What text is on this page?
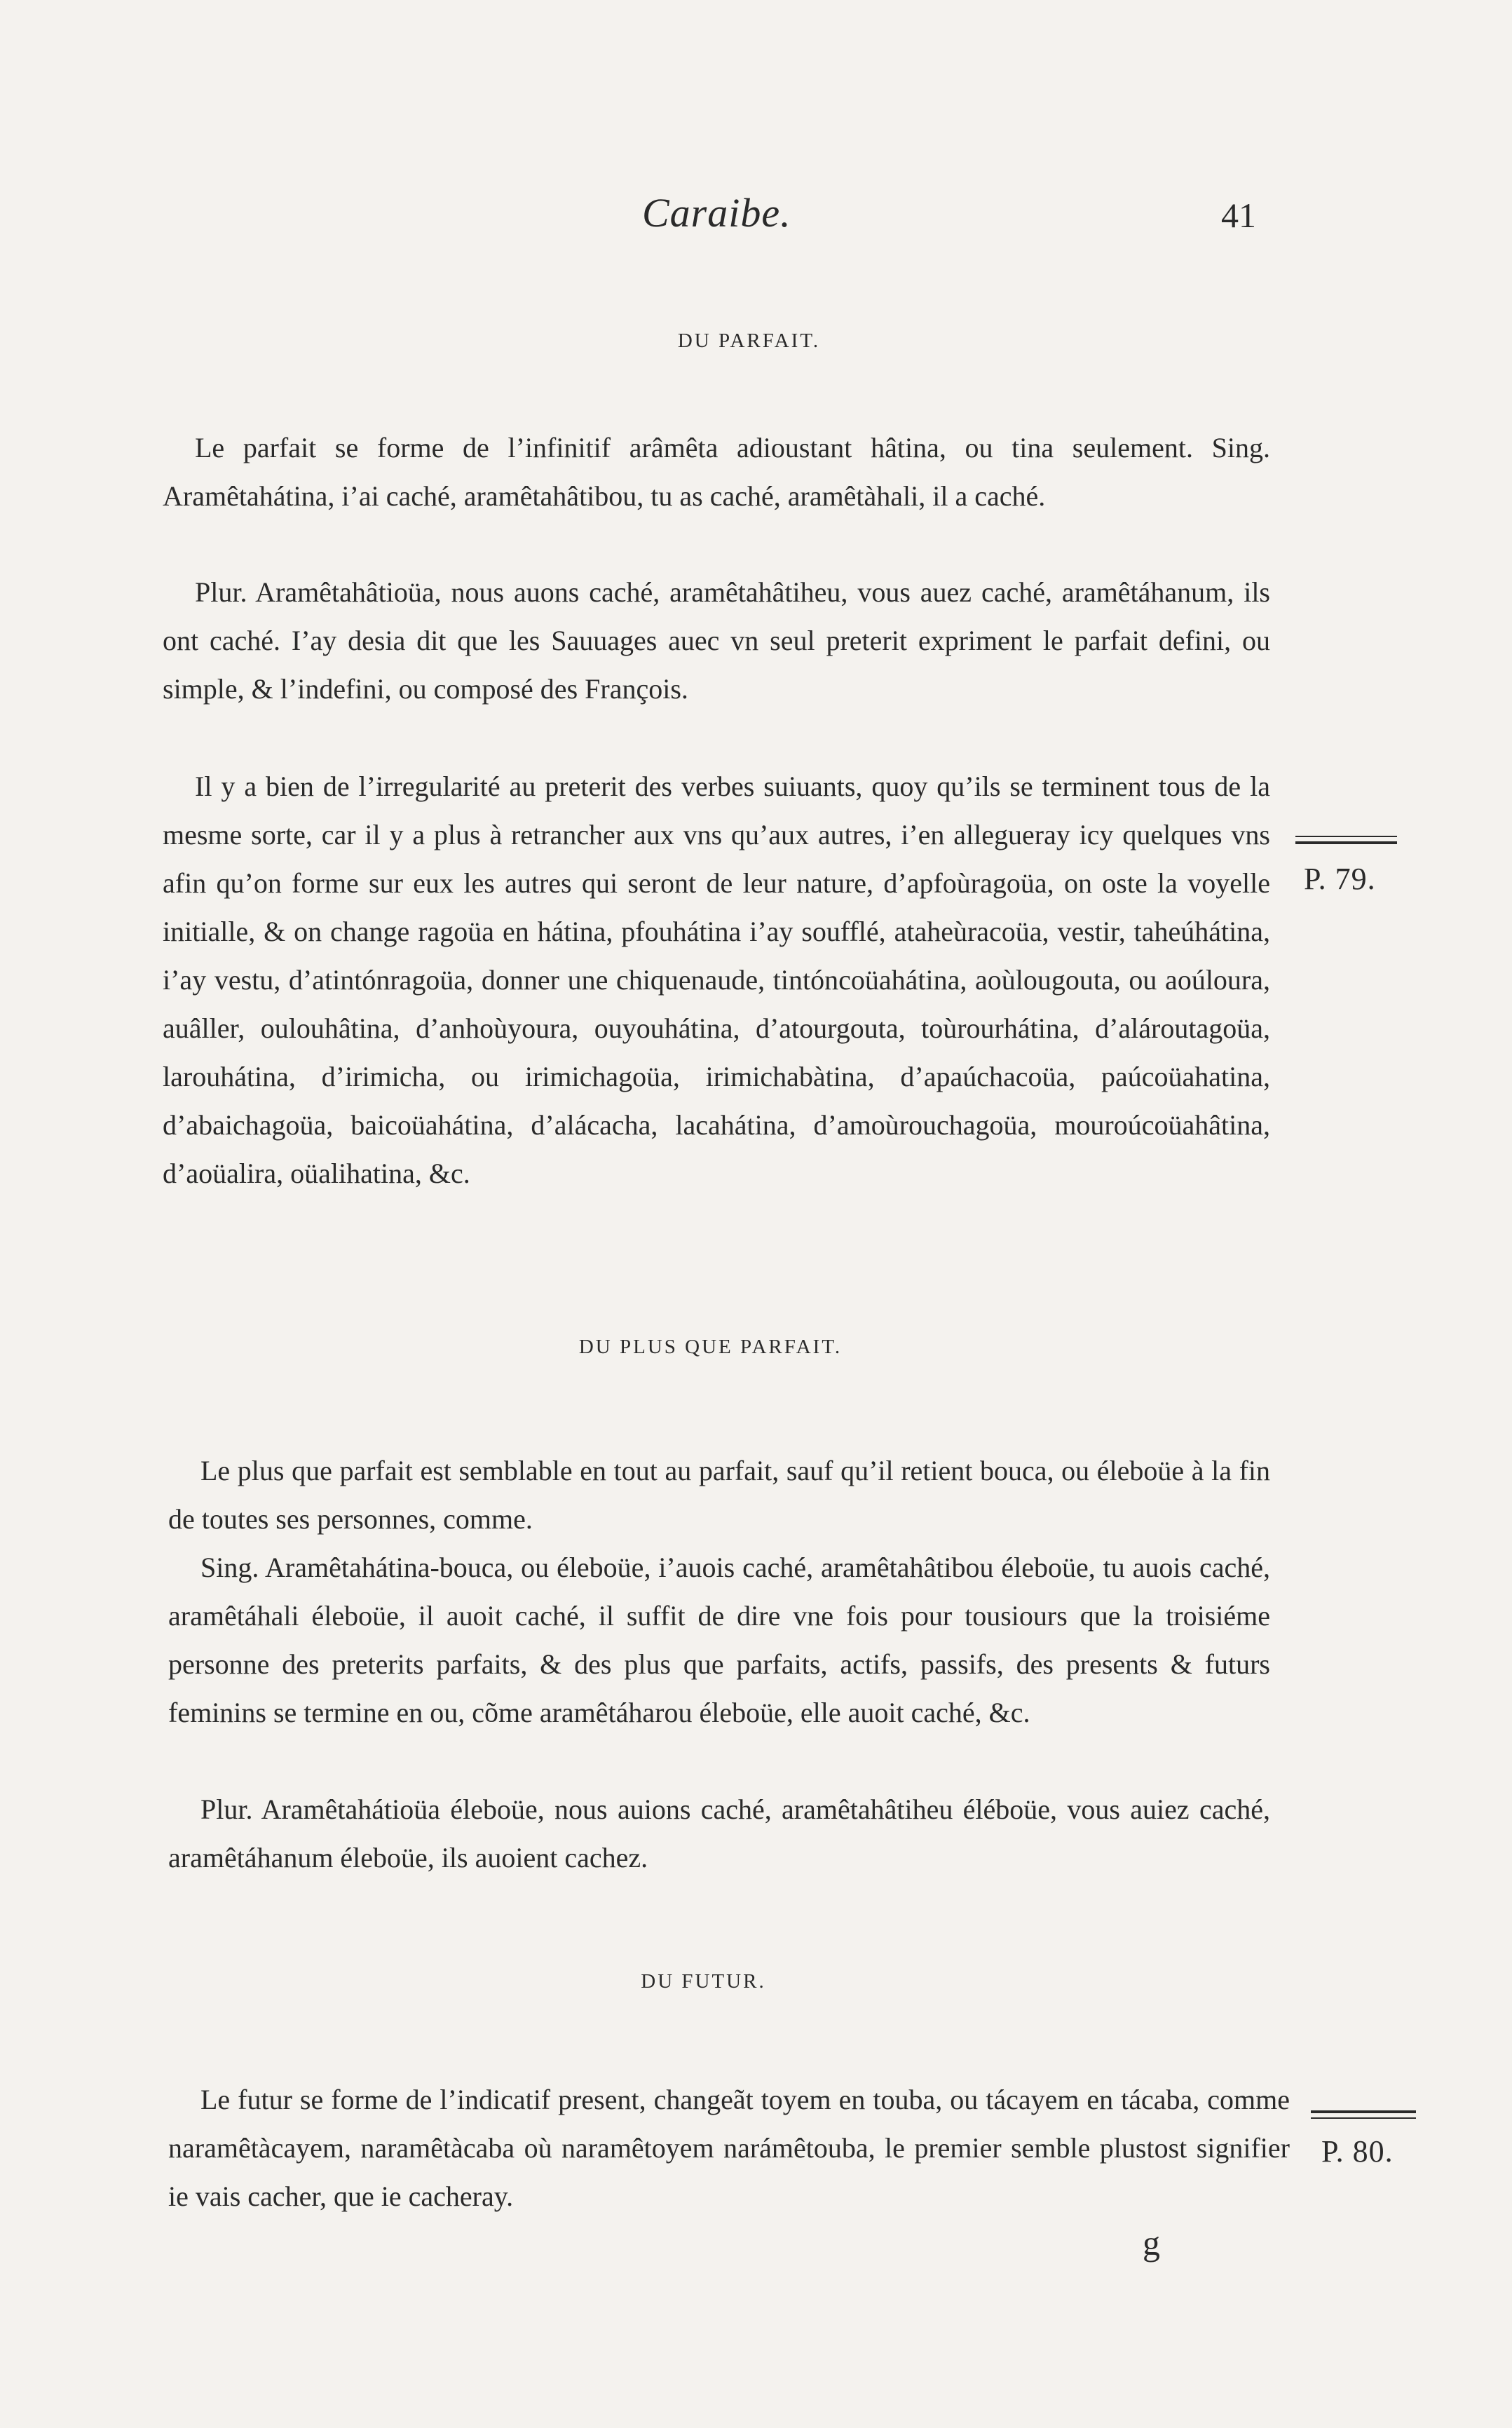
Caraibe.	41
DU PARFAIT.

Le parfait se forme de l’infinitif arâmêta adioustant hâtina, ou tina seulement. Sing. Aramêtahátina, i’ai caché, aramêtahâtibou, tu as caché, aramêtàhali, il a caché.

Plur. Aramêtahâtioüa, nous auons caché, aramêtahâtiheu, vous auez caché, aramêtáhanum, ils ont caché. I’ay desia dit que les Sauuages auec vn seul preterit expriment le parfait defini, ou simple, & l’indefini, ou composé des François.

Il y a bien de l’irregularité au preterit des verbes suiuants, quoy qu’ils se terminent tous de la mesme sorte, car il y a plus à retrancher aux vns qu’aux autres, i’en allegueray icy quelques vns afin qu’on forme sur eux les autres qui seront de leur nature, d’apfoùragoüa, on oste la voyelle initialle, & on change ragoüa en hátina, pfouhátina i’ay soufflé, ataheùracoüa, vestir, taheúhátina, i’ay vestu, d’atintónragoüa, donner une chiquenaude, tintóncoüahátina, aoùlougouta, ou aoúloura, auâller, oulouhâtina, d’anhoùyoura, ouyouhátina, d’atourgouta, toùrourhátina, d’alároutagoüa, larouhátina, d’irimicha, ou irimichagoüa, irimichabàtina, d’apaúchacoüa, paúcoüahatina, d’abaichagoüa, baicoüahátina, d’alácacha, lacahátina, d’amoùrouchagoüa, mouroúcoüahâtina, d’aoüalira, oüalihatina, &c.

P. 79.
DU PLUS QUE PARFAIT.

Le plus que parfait est semblable en tout au parfait, sauf qu’il retient bouca, ou éleboüe à la fin de toutes ses personnes, comme.

Sing. Aramêtahátina-bouca, ou éleboüe, i’auois caché, aramêtahâtibou éleboüe, tu auois caché, aramêtáhali éleboüe, il auoit caché, il suffit de dire vne fois pour tousiours que la troisiéme personne des preterits parfaits, & des plus que parfaits, actifs, passifs, des presents & futurs feminins se termine en ou, cõme aramêtáharou éleboüe, elle auoit caché, &c.

Plur. Aramêtahátioüa éleboüe, nous auions caché, aramêtahâtiheu éléboüe, vous auiez caché, aramêtáhanum éleboüe, ils auoient cachez.

DU FUTUR.

Le futur se forme de l’indicatif present, changeãt toyem en touba, ou tácayem en tácaba, comme naramêtàcayem, naramêtàcaba où naramêtoyem narámêtouba, le premier semble plustost signifier ie vais cacher, que ie cacheray.

P. 80.
g
